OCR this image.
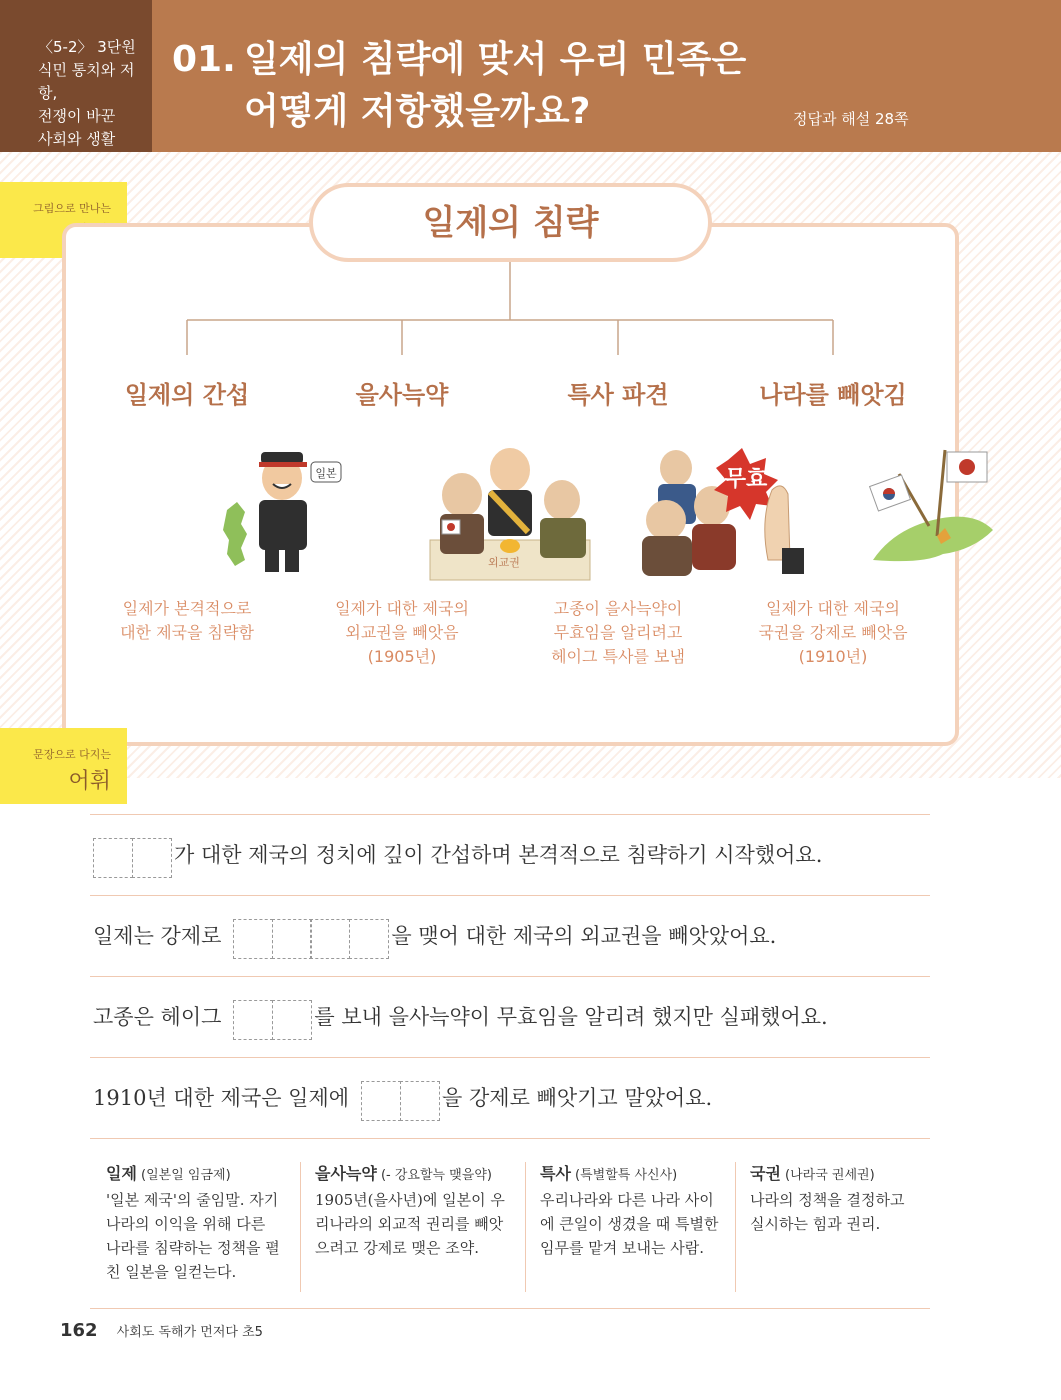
〈5-2〉 3단원
식민 통치와 저항,
전쟁이 바꾼
사회와 생활
01. 일제의 침략에 맞서 우리 민족은
어떻게 저항했을까요?	정답과 해설 28쪽
그림으로 만나는	일제의 침략
일제의 간섭
일본
일제가 본격적으로
대한 제국을 침략함
을사늑약
외교권
일제가 대한 제국의
외교권을 빼앗음
(1905년)
특사 파견
무효
고종이 을사늑약이
무효임을 알리려고
헤이그 특사를 보냄
나라를 빼앗김
일제가 대한 제국의
국권을 강제로 빼앗음
(1910년)
문장으로 다지는
어휘
가 대한 제국의 정치에 깊이 간섭하며 본격적으로 침략하기 시작했어요.
일제는 강제로	을 맺어 대한 제국의 외교권을 빼앗았어요.
고종은 헤이그	를 보내 을사늑약이 무효임을 알리려 했지만 실패했어요.
1910년 대한 제국은 일제에	을 강제로 빼앗기고 말았어요.
일제 (일본일 임금제)
'일본 제국'의 줄임말. 자기
나라의 이익을 위해 다른
나라를 침략하는 정책을 펼
친 일본을 일컫는다.
을사늑약 (- 강요할늑 맺을약)
1905년(을사년)에 일본이 우
리나라의 외교적 권리를 빼앗
으려고 강제로 맺은 조약.
특사 (특별할특 사신사)
우리나라와 다른 나라 사이
에 큰일이 생겼을 때 특별한
임무를 맡겨 보내는 사람.
국권 (나라국 권세권)
나라의 정책을 결정하고
실시하는 힘과 권리.
162 사회도 독해가 먼저다 초5
